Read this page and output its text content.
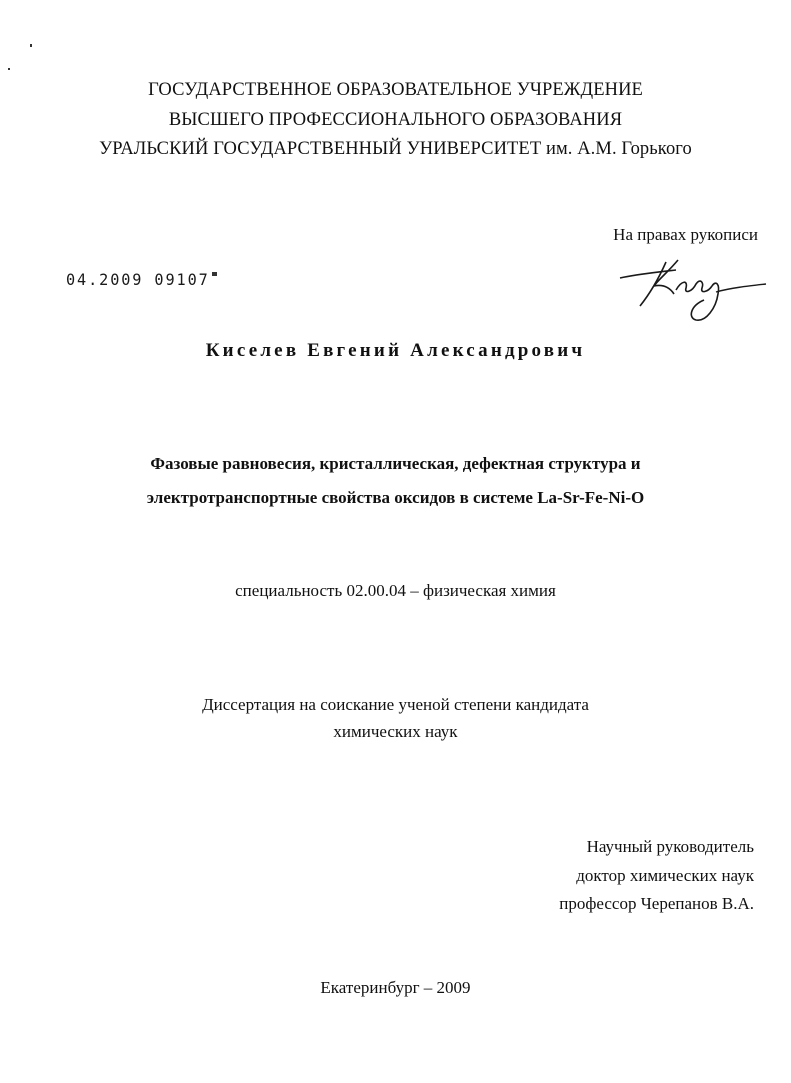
ГОСУДАРСТВЕННОЕ ОБРАЗОВАТЕЛЬНОЕ УЧРЕЖДЕНИЕ
ВЫСШЕГО ПРОФЕССИОНАЛЬНОГО ОБРАЗОВАНИЯ
УРАЛЬСКИЙ ГОСУДАРСТВЕННЫЙ УНИВЕРСИТЕТ им. А.М. Горького
На правах рукописи
04.2009 09107
Киселев Евгений Александрович
Фазовые равновесия, кристаллическая, дефектная структура и
электротранспортные свойства оксидов в системе La-Sr-Fe-Ni-O
специальность 02.00.04 – физическая химия
Диссертация на соискание ученой степени кандидата
химических наук
Научный руководитель
доктор химических наук
профессор Черепанов В.А.
Екатеринбург – 2009
